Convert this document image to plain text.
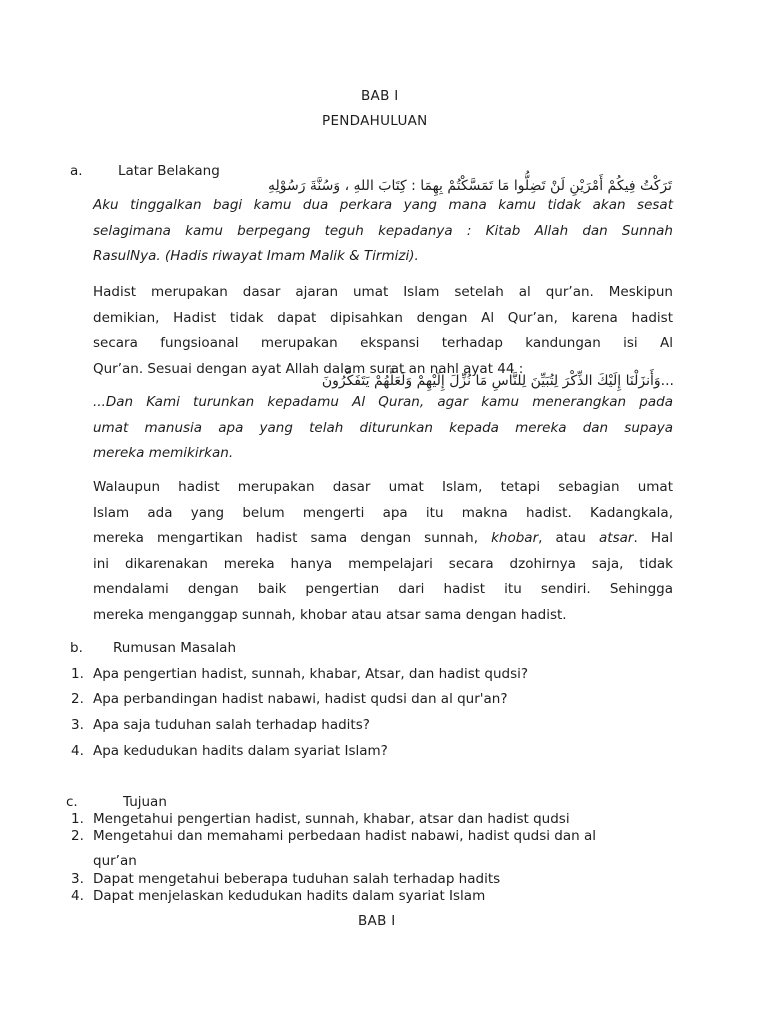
BAB I
PENDAHULUAN
a.	Latar Belakang
تَرَكْتُ فِيكُمْ أَمْرَيْنِ لَنْ تَضِلُّوا مَا تَمَسَّكْتُمْ بِهِمَا : كِتَابَ اللهِ ، وَسُنَّةَ رَسُوْلِهِ
Aku tinggalkan bagi kamu dua perkara yang mana kamu tidak akan sesat
selagimana kamu berpegang teguh kepadanya : Kitab Allah dan Sunnah
RasulNya. (Hadis riwayat Imam Malik & Tirmizi).
Hadist merupakan dasar ajaran umat Islam setelah al qur’an. Meskipun
demikian, Hadist tidak dapat dipisahkan dengan Al Qur’an, karena hadist
secara fungsioanal merupakan ekspansi terhadap kandungan isi Al
Qur’an. Sesuai dengan ayat Allah dalam surat an nahl ayat 44 :
...وَأَنزَلْنَا إِلَيْكَ الذِّكْرَ لِتُبَيِّنَ لِلنَّاسِ مَا نُزِّلَ إِلَيْهِمْ وَلَعَلَّهُمْ يَتَفَكَّرُونَ
...Dan Kami turunkan kepadamu Al Quran, agar kamu menerangkan pada
umat manusia apa yang telah diturunkan kepada mereka dan supaya
mereka memikirkan.
Walaupun hadist merupakan dasar umat Islam, tetapi sebagian umat
Islam ada yang belum mengerti apa itu makna hadist. Kadangkala,
mereka mengartikan hadist sama dengan sunnah, khobar, atau atsar. Hal
ini dikarenakan mereka hanya mempelajari secara dzohirnya saja, tidak
mendalami dengan baik pengertian dari hadist itu sendiri. Sehingga
mereka menganggap sunnah, khobar atau atsar sama dengan hadist.
b. Rumusan Masalah
1. Apa pengertian hadist, sunnah, khabar, Atsar, dan hadist qudsi?
2. Apa perbandingan hadist nabawi, hadist qudsi dan al qur'an?
3. Apa saja tuduhan salah terhadap hadits?
4. Apa kedudukan hadits dalam syariat Islam?
c.	Tujuan
1. Mengetahui pengertian hadist, sunnah, khabar, atsar dan hadist qudsi
2. Mengetahui dan memahami perbedaan hadist nabawi, hadist qudsi dan al
qur’an
3. Dapat mengetahui beberapa tuduhan salah terhadap hadits
4. Dapat menjelaskan kedudukan hadits dalam syariat Islam
BAB I
